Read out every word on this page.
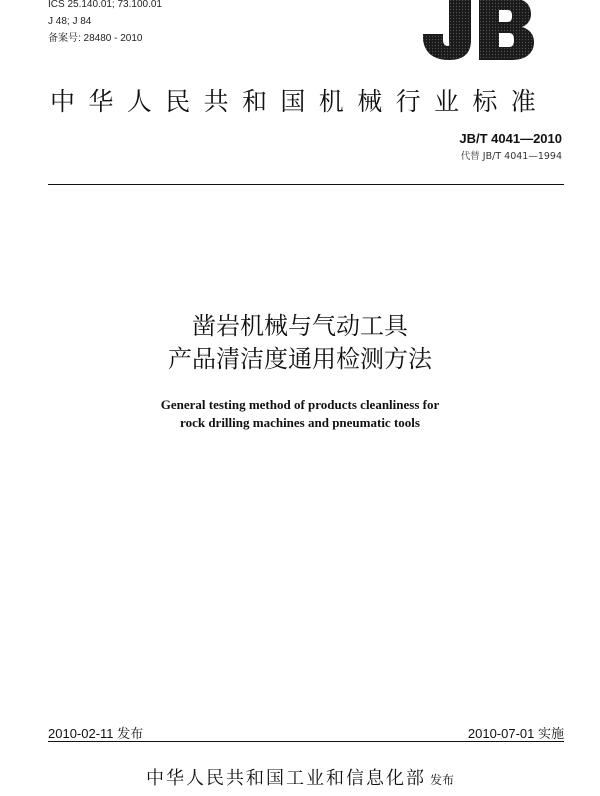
ICS 25.140.01; 73.100.01
J 48; J 84
备案号: 28480 - 2010
中华人民共和国机械行业标准
JB/T 4041—2010
代替 JB/T 4041—1994
凿岩机械与气动工具
产品清洁度通用检测方法
General testing method of products cleanliness for
rock drilling machines and pneumatic tools
2010-02-11 发布	2010-07-01 实施
中华人民共和国工业和信息化部 发布
